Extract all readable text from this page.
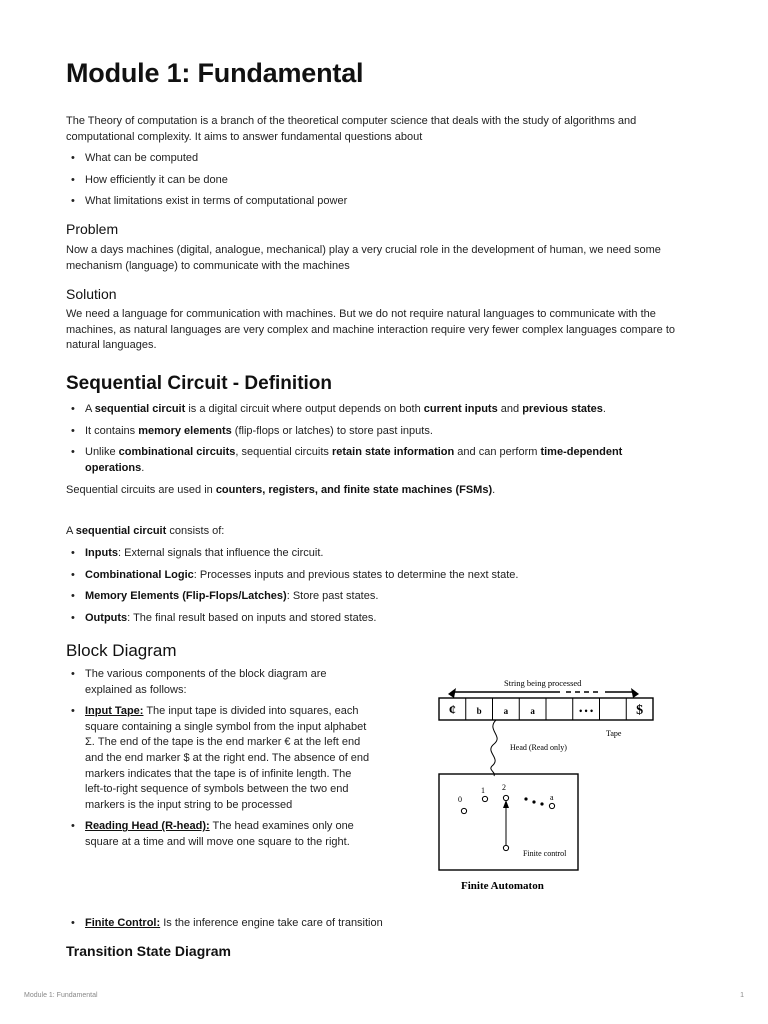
Module 1: Fundamental

The Theory of computation is a branch of the theoretical computer science that deals with the study of algorithms and computational complexity. It aims to answer fundamental questions about

• What can be computed
• How efficiently it can be done
• What limitations exist in terms of computational power
Problem

Now a days machines (digital, analogue, mechanical) play a very crucial role in the development of human, we need some mechanism (language) to communicate with the machines

Solution

We need a language for communication with machines. But we do not require natural languages to communicate with the machines, as natural languages are very complex and machine interaction require very fewer complex languages compare to natural languages.

Sequential Circuit - Definition
• A sequential circuit is a digital circuit where output depends on both current inputs and previous states.
• It contains memory elements (flip-flops or latches) to store past inputs.
• Unlike combinational circuits, sequential circuits retain state information and can perform time-dependent operations.

Sequential circuits are used in counters, registers, and finite state machines (FSMs).

A sequential circuit consists of:

• Inputs: External signals that influence the circuit.
• Combinational Logic: Processes inputs and previous states to determine the next state.
• Memory Elements (Flip-Flops/Latches): Store past states.
• Outputs: The final result based on inputs and stored states.
Block Diagram
• The various components of the block diagram are explained as follows:
• Input Tape: The input tape is divided into squares, each square containing a single symbol from the input alphabet Σ. The end of the tape is the end marker € at the left end and the end marker $ at the right end. The absence of end markers indicates that the tape is of infinite length. The left-to-right sequence of symbols between the two end markers is the input string to be processed
• Reading Head (R-head): The head examines only one square at a time and will move one square to the right.
• Finite Control: Is the inference engine take care of transition
Transition State Diagram
String being processed
¢ b a a	• • •	$
Tape
Head (Read only)
0
1 2
a
Finite control
Finite Automaton
Module 1: Fundamental	1
